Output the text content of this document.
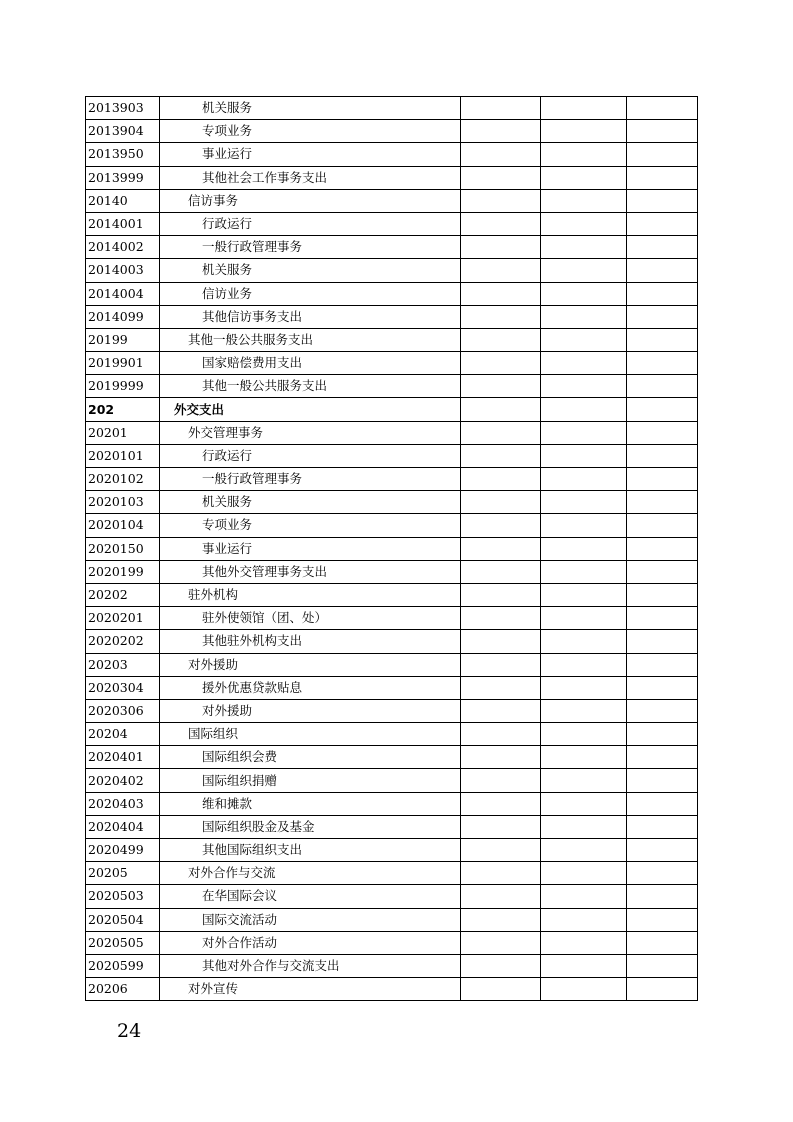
2013903	机关服务			
2013904	专项业务			
2013950	事业运行			
2013999	其他社会工作事务支出			
20140	信访事务			
2014001	行政运行			
2014002	一般行政管理事务			
2014003	机关服务			
2014004	信访业务			
2014099	其他信访事务支出			
20199	其他一般公共服务支出			
2019901	国家赔偿费用支出			
2019999	其他一般公共服务支出			
202	外交支出			
20201	外交管理事务			
2020101	行政运行			
2020102	一般行政管理事务			
2020103	机关服务			
2020104	专项业务			
2020150	事业运行			
2020199	其他外交管理事务支出			
20202	驻外机构			
2020201	驻外使领馆（团、处）			
2020202	其他驻外机构支出			
20203	对外援助			
2020304	援外优惠贷款贴息			
2020306	对外援助			
20204	国际组织			
2020401	国际组织会费			
2020402	国际组织捐赠			
2020403	维和摊款			
2020404	国际组织股金及基金			
2020499	其他国际组织支出			
20205	对外合作与交流			
2020503	在华国际会议			
2020504	国际交流活动			
2020505	对外合作活动			
2020599	其他对外合作与交流支出			
20206	对外宣传			
24
